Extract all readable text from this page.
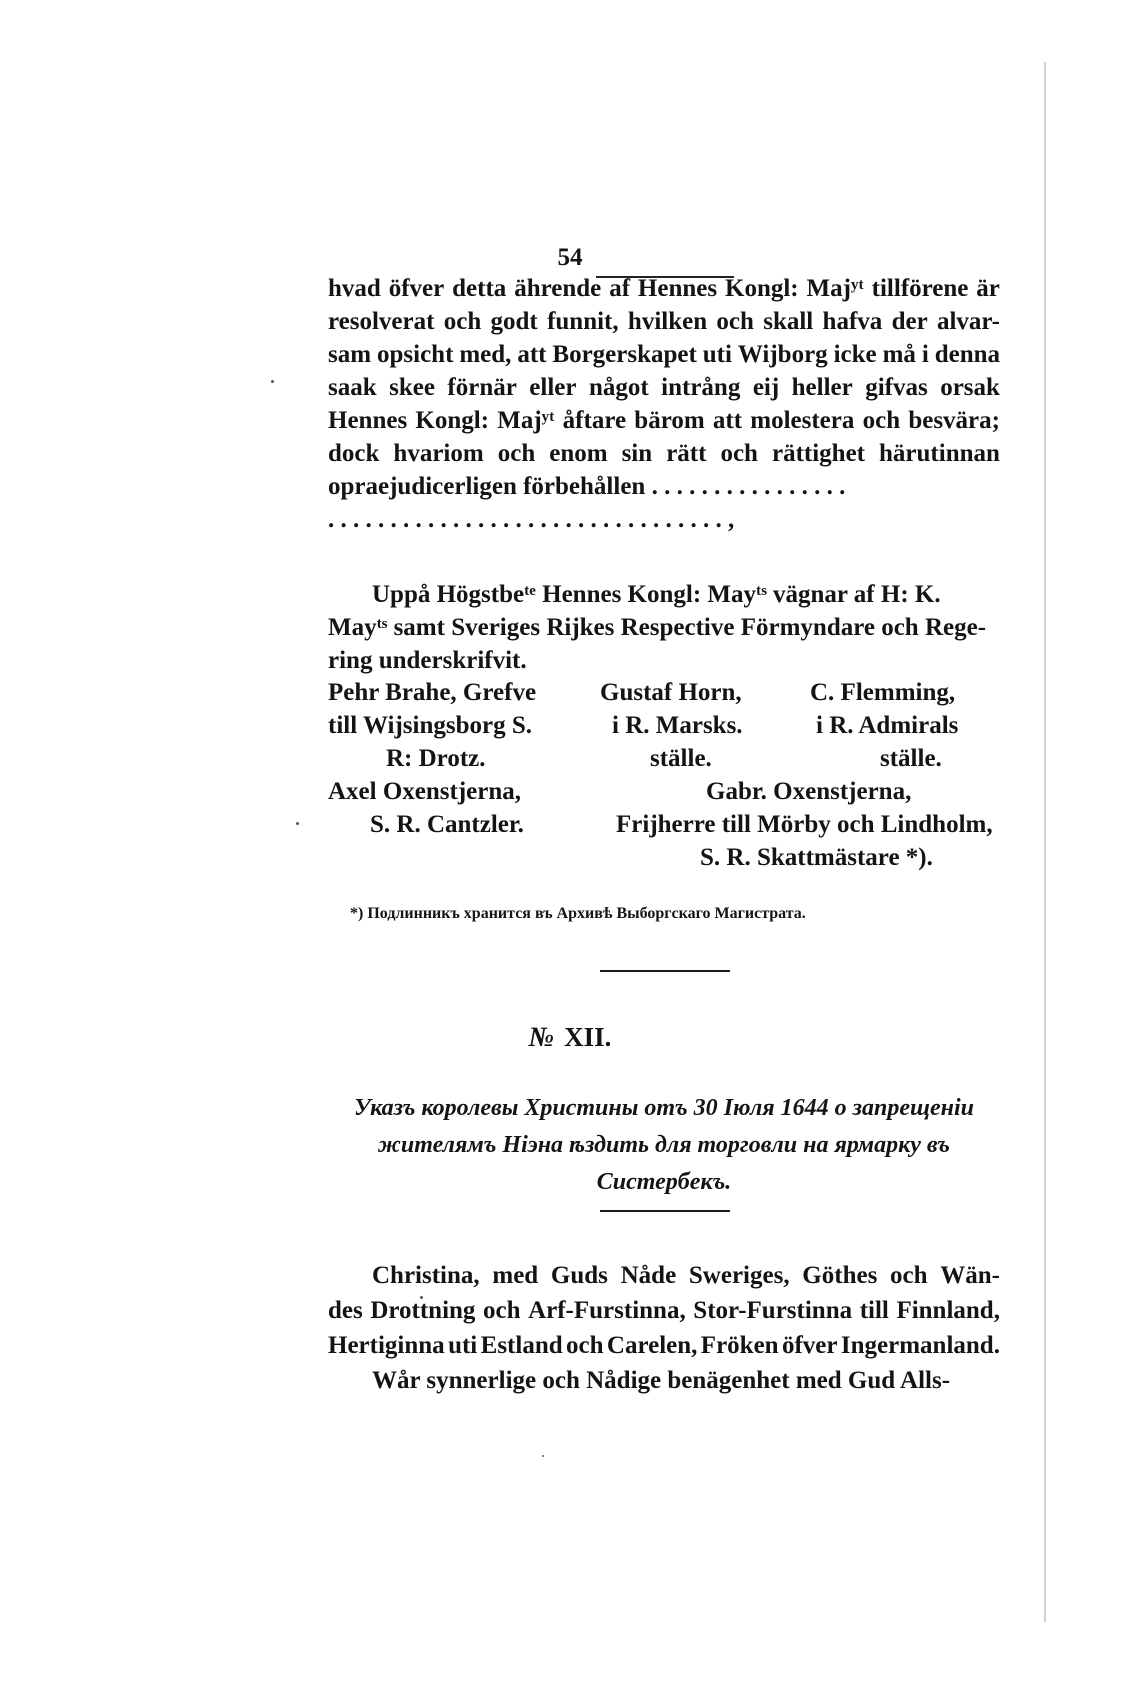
54
hvad öfver detta ährende af Hennes Kongl: Majʸᵗ tillförene är
resolverat och godt funnit, hvilken och skall hafva der alvar-
sam opsicht med, att Borgerskapet uti Wijborg icke må i denna
saak skee förnär eller något intrång eij heller gifvas orsak
Hennes Kongl: Majʸᵗ åftare bärom att molestera och besvära;
dock hvariom och enom sin rätt och rättighet härutinnan
opraejudicerligen förbehållen . . . . . . . . . . . . . . . .
. . . . . . . . . . . . . . . . . . . . . . . . . . . . . . . . ,
Uppå Högstbeᵗᵉ Hennes Kongl: Mayᵗˢ vägnar af H: K.
Mayᵗˢ samt Sveriges Rijkes Respective Förmyndare och Rege-
ring underskrifvit.
Pehr Brahe, Grefve
till Wijsingsborg S.
R: Drotz.
Axel Oxenstjerna,
S. R. Cantzler.
Gustaf Horn,
i R. Marsks.
ställe.
C. Flemming,
i R. Admirals
ställe.
Gabr. Oxenstjerna,
Frijherre till Mörby och Lindholm,
S. R. Skattmästare *).
*) Подлинникъ хранится въ Архивѣ Выборгскаго Магистрата.
№ XII.
Указъ королевы Христины отъ 30 Іюля 1644 о запрещеніи
жителямъ Нiэна ѣздить для торговли на ярмарку въ
Систербекъ.
Christina, med Guds Nåde Sweriges, Göthes och Wän-
des Drottning och Arf-Furstinna, Stor-Furstinna till Finnland,
Hertiginna uti Estland och Carelen, Fröken öfver Ingermanland.
Wår synnerlige och Nådige benägenhet med Gud Alls-
